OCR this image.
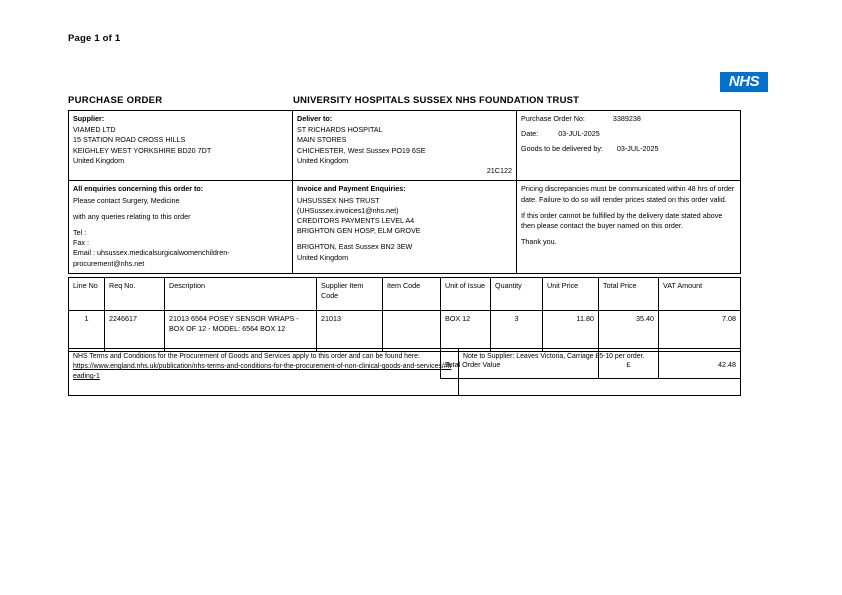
Page 1 of 1
NHS
PURCHASE ORDER	UNIVERSITY HOSPITALS SUSSEX NHS FOUNDATION TRUST
Supplier:
VIAMED LTD
15 STATION ROAD CROSS HILLS
KEIGHLEY WEST YORKSHIRE BD20 7DT
United Kingdom

Deliver to:
ST RICHARDS HOSPITAL
MAIN STORES
CHICHESTER, West Sussex PO19 6SE
United Kingdom
21C122

Purchase Order No:	3389238
Date:	03-JUL-2025
Goods to be delivered by: 03-JUL-2025

All enquiries concerning this order to:
Please contact Surgery, Medicine
with any queries relating to this order
Tel :
Fax :
Email : uhsussex.medicalsurgicalwomenchildren-procurement@nhs.net

Invoice and Payment Enquiries:
UHSUSSEX NHS TRUST
(UHSussex.invoices1@nhs.net)
CREDITORS PAYMENTS LEVEL A4
BRIGHTON GEN HOSP, ELM GROVE
BRIGHTON, East Sussex BN2 3EW
United Kingdom

Pricing discrepancies must be communicated within 48 hrs of order date. Failure to do so will render prices stated on this order valid.
If this order cannot be fulfilled by the delivery date stated above then please contact the buyer named on this order.
Thank you.
Line No	Req No.	Description	Supplier Item Code	Item Code	Unit of Issue	Quantity	Unit Price	Total Price	VAT Amount
1	2246617	21013 6564 POSEY SENSOR WRAPS - BOX OF 12 - MODEL: 6564 BOX 12	21013		BOX 12	3	11.80	35.40	7.08
					Total Order Value			£	42.48
NHS Terms and Conditions for the Procurement of Goods and Services apply to this order and can be found here:
https://www.england.nhs.uk/publication/nhs-terms-and-conditions-for-the-procurement-of-non-clinical-goods-and-services/#heading-1

Note to Supplier: Leaves Victoria, Carriage £5-10 per order.
